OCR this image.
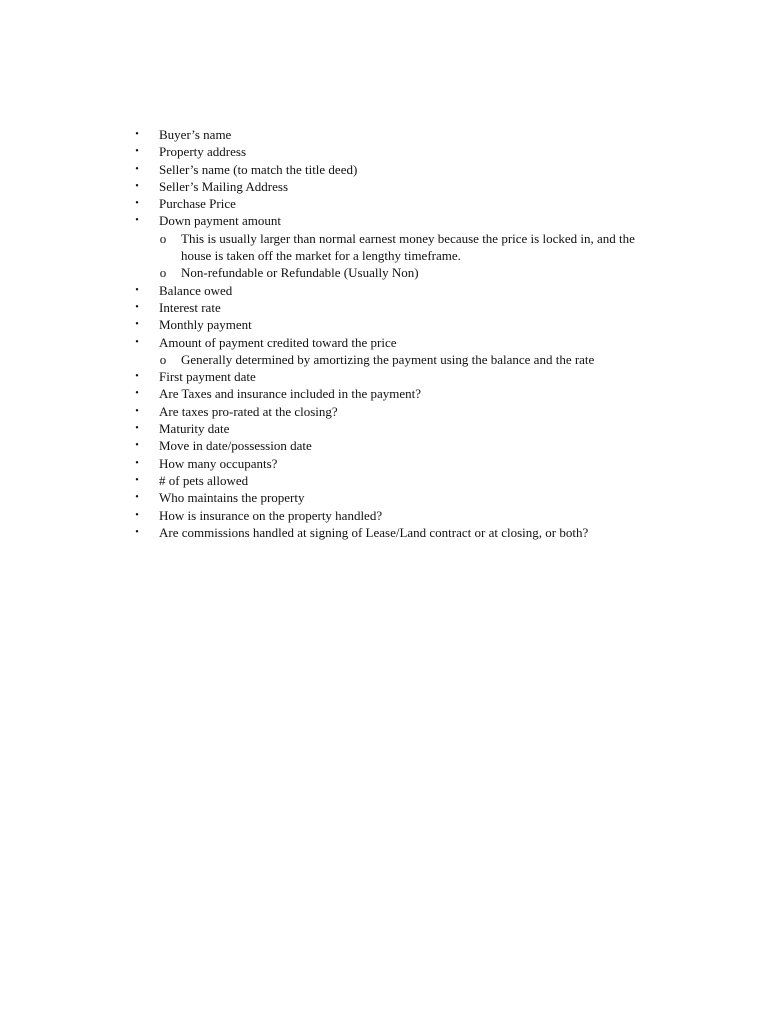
• Buyer’s name
• Property address
• Seller’s name (to match the title deed)
• Seller’s Mailing Address
• Purchase Price
• Down payment amount
o This is usually larger than normal earnest money because the price is locked in, and the house is taken off the market for a lengthy timeframe.
o Non-refundable or Refundable (Usually Non)
• Balance owed
• Interest rate
• Monthly payment
• Amount of payment credited toward the price
o Generally determined by amortizing the payment using the balance and the rate
• First payment date
• Are Taxes and insurance included in the payment?
• Are taxes pro-rated at the closing?
• Maturity date
• Move in date/possession date
• How many occupants?
• # of pets allowed
• Who maintains the property
• How is insurance on the property handled?
• Are commissions handled at signing of Lease/Land contract or at closing, or both?
